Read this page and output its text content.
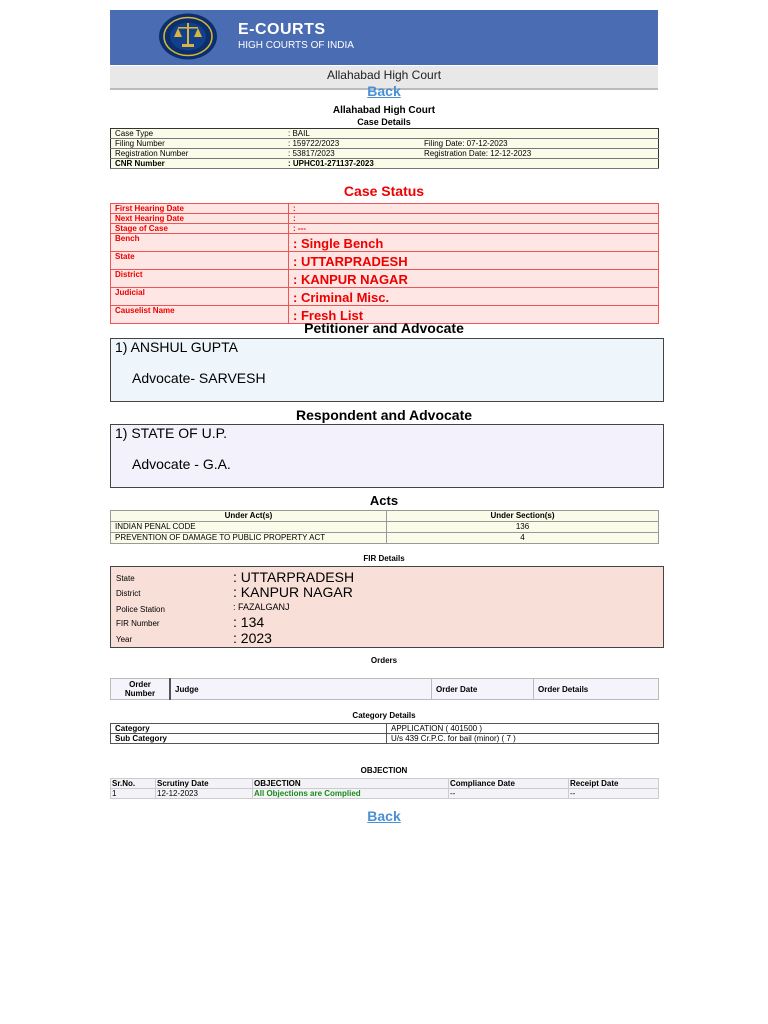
E-COURTS
HIGH COURTS OF INDIA
Allahabad High Court
Back
Allahabad High Court
Case Details
Case Type	: BAIL	
Filing Number	: 159722/2023	Filing Date: 07-12-2023
Registration Number	: 53817/2023	Registration Date: 12-12-2023
CNR Number	: UPHC01-271137-2023	
Case Status
First Hearing Date	:
Next Hearing Date	:
Stage of Case	: ---
Bench	: Single Bench
State	: UTTARPRADESH
District	: KANPUR NAGAR
Judicial	: Criminal Misc.
Causelist Name	: Fresh List
Petitioner and Advocate

1) ANSHUL GUPTA

Advocate- SARVESH

Respondent and Advocate

1) STATE OF U.P.

Advocate - G.A.

Acts
Under Act(s)	Under Section(s)
INDIAN PENAL CODE	136
PREVENTION OF DAMAGE TO PUBLIC PROPERTY ACT	4
FIR Details
State	: UTTARPRADESH
District	: KANPUR NAGAR
Police Station	: FAZALGANJ
FIR Number	: 134
Year	: 2023
Orders
Order Number	Judge	Order Date	Order Details
Category Details
Category	APPLICATION ( 401500 )
Sub Category	U/s 439 Cr.P.C. for bail (minor) ( 7 )
OBJECTION
Sr.No.	Scrutiny Date	OBJECTION	Compliance Date	Receipt Date
1	12-12-2023	All Objections are Complied	--	--
Back
